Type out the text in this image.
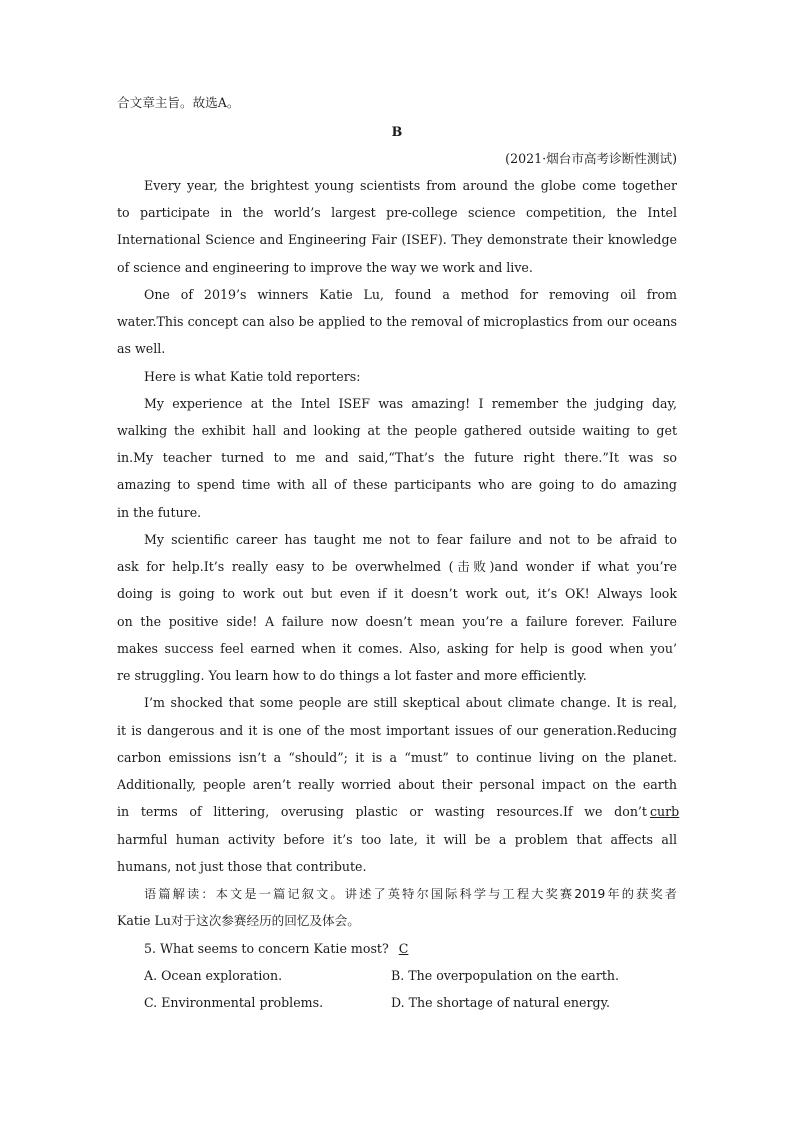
合文章主旨。故选A。
B
(2021·烟台市高考诊断性测试)
Every year, the brightest young scientists from around the globe come together
to participate in the world’s largest pre-college science competition, the Intel
International Science and Engineering Fair (ISEF). They demonstrate their knowledge
of science and engineering to improve the way we work and live.
One of 2019’s winners Katie Lu, found a method for removing oil from
water.This concept can also be applied to the removal of microplastics from our oceans
as well.
Here is what Katie told reporters:
My experience at the Intel ISEF was amazing! I remember the judging day,
walking the exhibit hall and looking at the people gathered outside waiting to get
in.My teacher turned to me and said,“That’s the future right there.”It was so
amazing to spend time with all of these participants who are going to do amazing
in the future.
My scientific career has taught me not to fear failure and not to be afraid to
ask for help.It’s really easy to be overwhelmed (击败)and wonder if what you’re
doing is going to work out but even if it doesn’t work out, it’s OK! Always look
on the positive side! A failure now doesn’t mean you’re a failure forever. Failure
makes success feel earned when it comes. Also, asking for help is good when you’
re struggling. You learn how to do things a lot faster and more efficiently.
I’m shocked that some people are still skeptical about climate change. It is real,
it is dangerous and it is one of the most important issues of our generation.Reducing
carbon emissions isn’t a “should”; it is a “must” to continue living on the planet.
Additionally, people aren’t really worried about their personal impact on the earth
in terms of littering, overusing plastic or wasting resources.If we don’t curb
harmful human activity before it’s too late, it will be a problem that affects all
humans, not just those that contribute.
语篇解读：本文是一篇记叙文。讲述了英特尔国际科学与工程大奖赛2019年的获奖者
Katie Lu对于这次参赛经历的回忆及体会。
5. What seems to concern Katie most? C
A. Ocean exploration.	B. The overpopulation on the earth.
C. Environmental problems.	D. The shortage of natural energy.
